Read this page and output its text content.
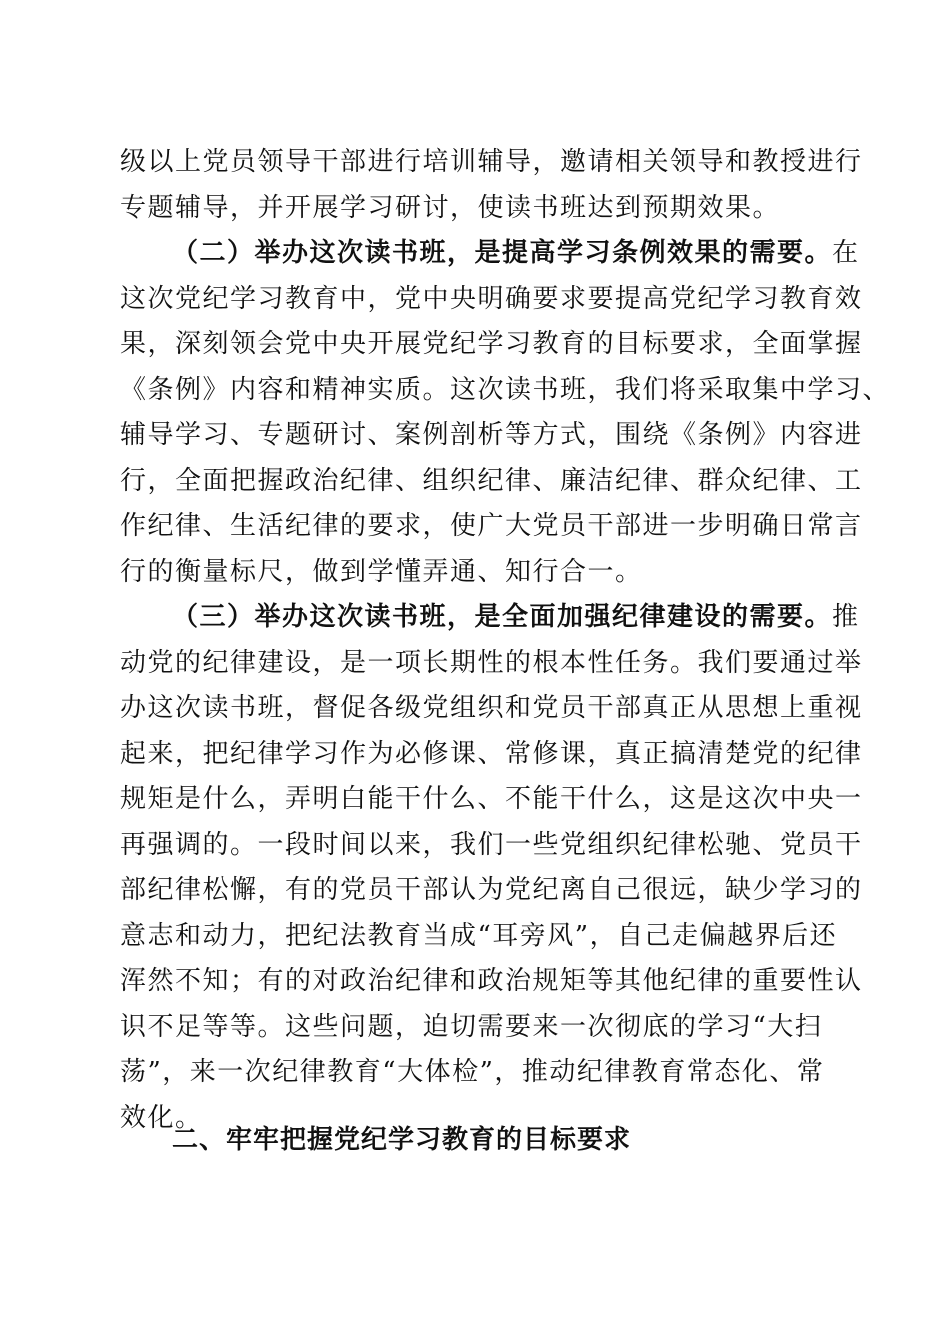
级以上党员领导干部进行培训辅导，邀请相关领导和教授进行
专题辅导，并开展学习研讨，使读书班达到预期效果。
（二）举办这次读书班，是提高学习条例效果的需要。在
这次党纪学习教育中，党中央明确要求要提高党纪学习教育效
果，深刻领会党中央开展党纪学习教育的目标要求，全面掌握
《条例》内容和精神实质。这次读书班，我们将采取集中学习、
辅导学习、专题研讨、案例剖析等方式，围绕《条例》内容进
行，全面把握政治纪律、组织纪律、廉洁纪律、群众纪律、工
作纪律、生活纪律的要求，使广大党员干部进一步明确日常言
行的衡量标尺，做到学懂弄通、知行合一。
（三）举办这次读书班，是全面加强纪律建设的需要。推
动党的纪律建设，是一项长期性的根本性任务。我们要通过举
办这次读书班，督促各级党组织和党员干部真正从思想上重视
起来，把纪律学习作为必修课、常修课，真正搞清楚党的纪律
规矩是什么，弄明白能干什么、不能干什么，这是这次中央一
再强调的。一段时间以来，我们一些党组织纪律松驰、党员干
部纪律松懈，有的党员干部认为党纪离自己很远，缺少学习的
意志和动力，把纪法教育当成“耳旁风”，自己走偏越界后还
浑然不知；有的对政治纪律和政治规矩等其他纪律的重要性认
识不足等等。这些问题，迫切需要来一次彻底的学习“大扫
荡”，来一次纪律教育“大体检”，推动纪律教育常态化、常
效化。
二、牢牢把握党纪学习教育的目标要求
